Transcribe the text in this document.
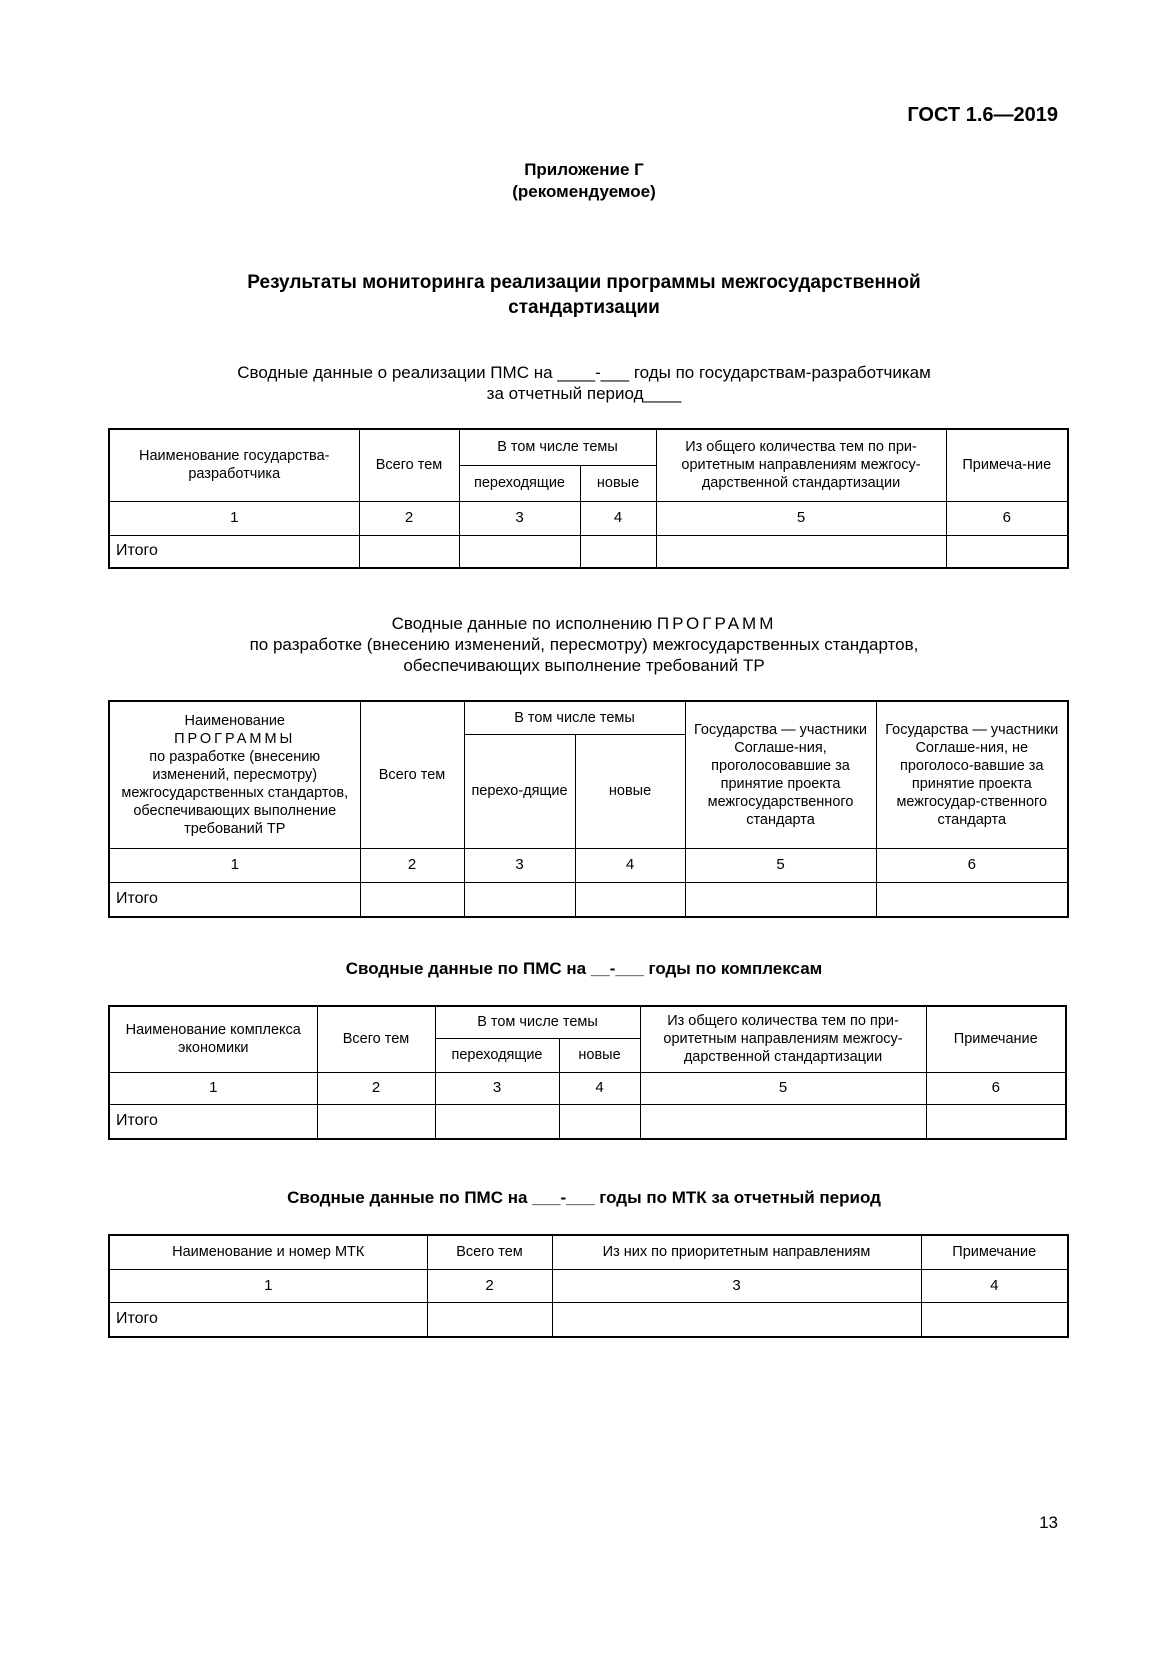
ГОСТ 1.6—2019
Приложение Г
(рекомендуемое)
Результаты мониторинга реализации программы межгосударственной
стандартизации
Сводные данные о реализации ПМС на ____-___ годы по государствам-разработчикам
за отчетный период____
Наименование государства-разработчика	Всего тем	В том числе темы		Из общего количества тем по при-оритетным направлениям межгосу-дарственной стандартизации	Примеча-ние
		переходящие	новые		
1	2	3	4	5	6
Итого					
Сводные данные по исполнению ПРОГРАММ
по разработке (внесению изменений, пересмотру) межгосударственных стандартов,
обеспечивающих выполнение требований ТР
Наименование
ПРОГРАММЫ
по разработке (внесению изменений, пересмотру) межгосударственных стандартов, обеспечивающих выполнение требований ТР	Всего тем	В том числе темы		Государства — участники Соглаше-ния, проголосовавшие за принятие проекта межгосударственного стандарта	Государства — участники Соглаше-ния, не проголосо-вавшие за принятие проекта межгосудар-ственного стандарта
		перехо-дящие	новые		
1	2	3	4	5	6
Итого					
Сводные данные по ПМС на __-___ годы по комплексам
Наименование комплекса экономики	Всего тем	В том числе темы		Из общего количества тем по при-оритетным направлениям межгосу-дарственной стандартизации	Примечание
		переходящие	новые		
1	2	3	4	5	6
Итого					
Сводные данные по ПМС на ___-___ годы по МТК за отчетный период
Наименование и номер МТК	Всего тем	Из них по приоритетным направлениям	Примечание
1	2	3	4
Итого			
13
